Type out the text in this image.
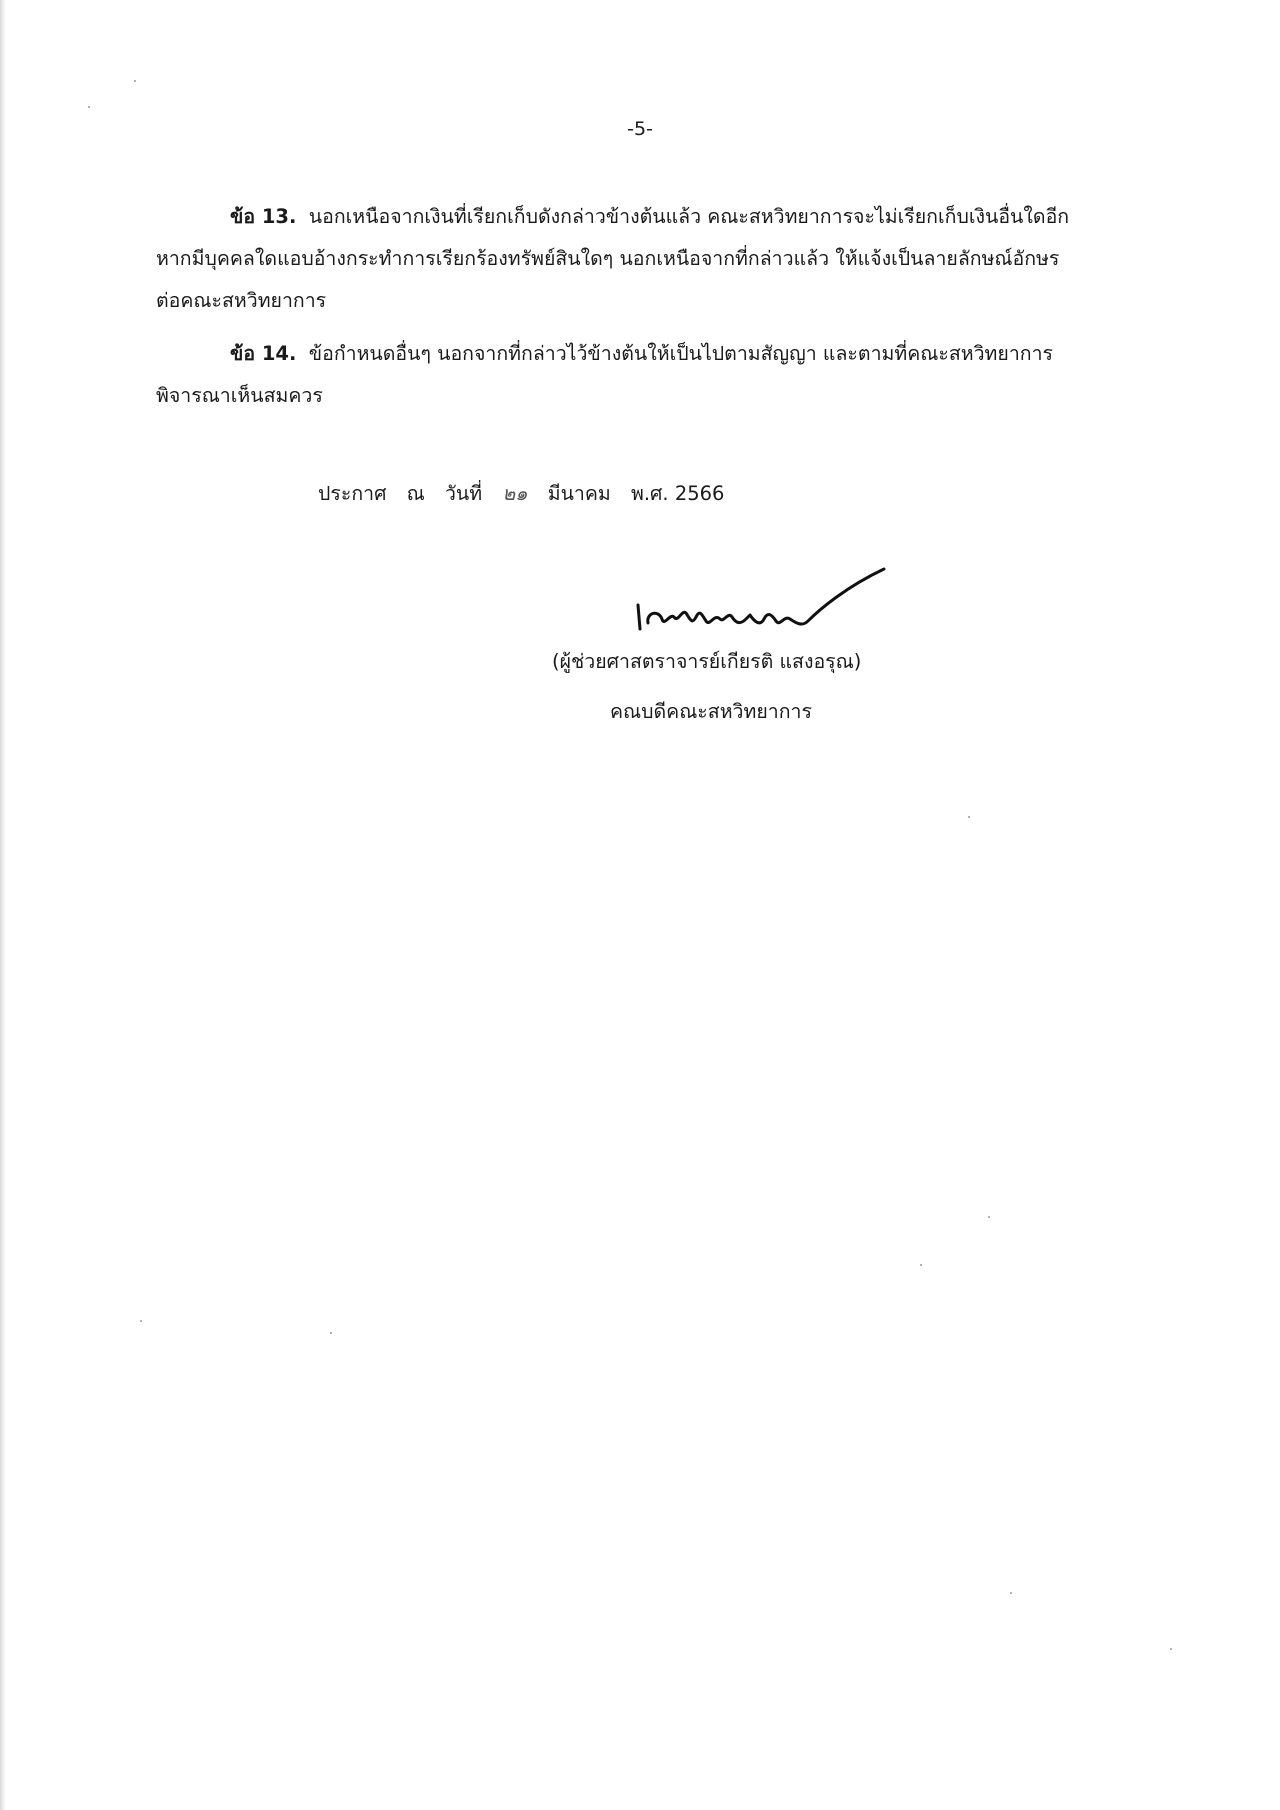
-5-

ข้อ 13. นอกเหนือจากเงินที่เรียกเก็บดังกล่าวข้างต้นแล้ว คณะสหวิทยาการจะไม่เรียกเก็บเงินอื่นใดอีก

หากมีบุคคลใดแอบอ้างกระทำการเรียกร้องทรัพย์สินใดๆ นอกเหนือจากที่กล่าวแล้ว ให้แจ้งเป็นลายลักษณ์อักษร

ต่อคณะสหวิทยาการ

ข้อ 14. ข้อกำหนดอื่นๆ นอกจากที่กล่าวไว้ข้างต้นให้เป็นไปตามสัญญา และตามที่คณะสหวิทยาการ

พิจารณาเห็นสมควร

ประกาศ ณ วันที่ ๒๑ มีนาคม พ.ศ. 2566
(ผู้ช่วยศาสตราจารย์เกียรติ แสงอรุณ)
คณบดีคณะสหวิทยาการ
